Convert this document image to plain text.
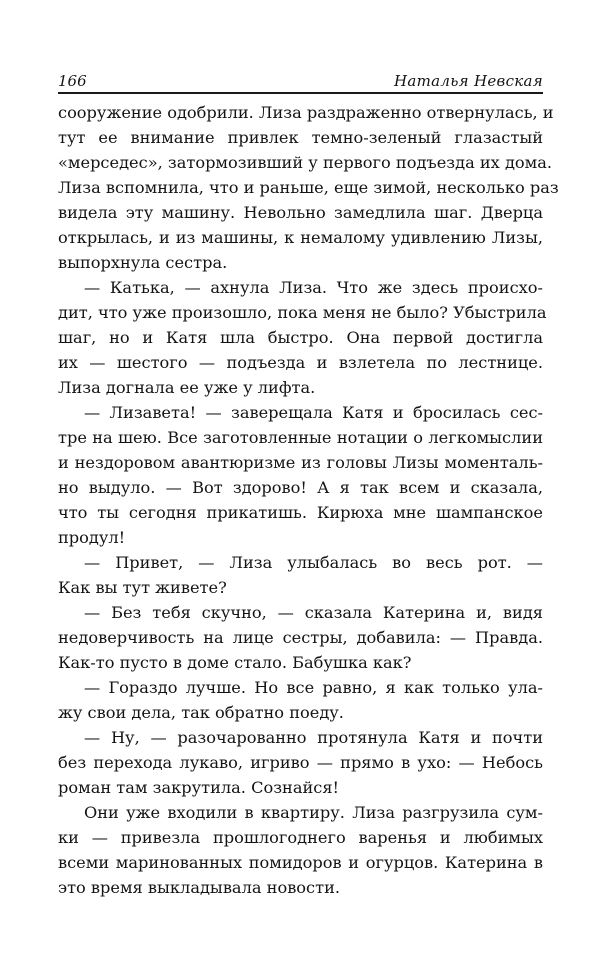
166	Наталья Невская
сооружение одобрили. Лиза раздраженно отвернулась, и
тут ее внимание привлек темно-зеленый глазастый
«мерседес», затормозивший у первого подъезда их дома.
Лиза вспомнила, что и раньше, еще зимой, несколько раз
видела эту машину. Невольно замедлила шаг. Дверца
открылась, и из машины, к немалому удивлению Лизы,
выпорхнула сестра.
— Катька, — ахнула Лиза. Что же здесь происхо-
дит, что уже произошло, пока меня не было? Убыстрила
шаг, но и Катя шла быстро. Она первой достигла
их — шестого — подъезда и взлетела по лестнице.
Лиза догнала ее уже у лифта.
— Лизавета! — заверещала Катя и бросилась сес-
тре на шею. Все заготовленные нотации о легкомыслии
и нездоровом авантюризме из головы Лизы моменталь-
но выдуло. — Вот здорово! А я так всем и сказала,
что ты сегодня прикатишь. Кирюха мне шампанское
продул!
— Привет, — Лиза улыбалась во весь рот. —
Как вы тут живете?
— Без тебя скучно, — сказала Катерина и, видя
недоверчивость на лице сестры, добавила: — Правда.
Как-то пусто в доме стало. Бабушка как?
— Гораздо лучше. Но все равно, я как только ула-
жу свои дела, так обратно поеду.
— Ну, — разочарованно протянула Катя и почти
без перехода лукаво, игриво — прямо в ухо: — Небось
роман там закрутила. Сознайся!
Они уже входили в квартиру. Лиза разгрузила сум-
ки — привезла прошлогоднего варенья и любимых
всеми маринованных помидоров и огурцов. Катерина в
это время выкладывала новости.
